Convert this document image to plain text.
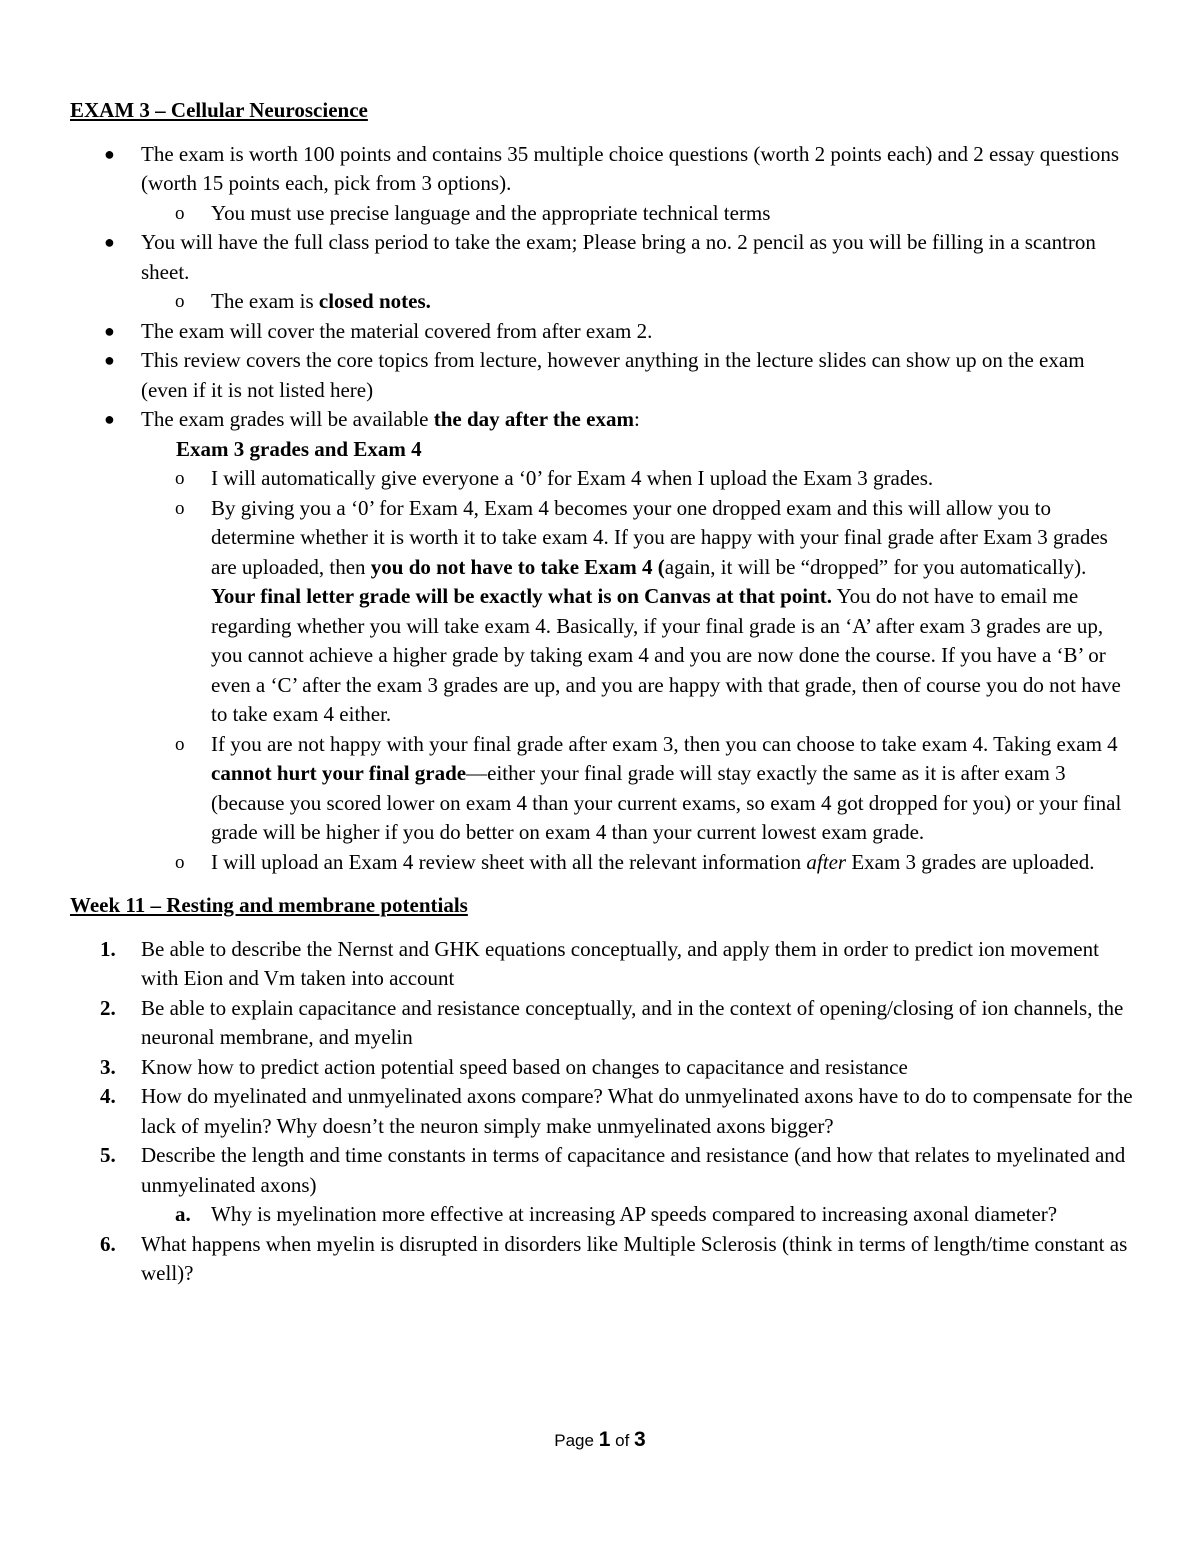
EXAM 3 – Cellular Neuroscience
● The exam is worth 100 points and contains 35 multiple choice questions (worth 2 points each) and 2 essay questions (worth 15 points each, pick from 3 options).
o You must use precise language and the appropriate technical terms
● You will have the full class period to take the exam; Please bring a no. 2 pencil as you will be filling in a scantron sheet.
o The exam is closed notes.
● The exam will cover the material covered from after exam 2.
● This review covers the core topics from lecture, however anything in the lecture slides can show up on the exam (even if it is not listed here)
● The exam grades will be available the day after the exam:
Exam 3 grades and Exam 4
o I will automatically give everyone a ‘0’ for Exam 4 when I upload the Exam 3 grades.
o By giving you a ‘0’ for Exam 4, Exam 4 becomes your one dropped exam and this will allow you to determine whether it is worth it to take exam 4. If you are happy with your final grade after Exam 3 grades are uploaded, then you do not have to take Exam 4 (again, it will be “dropped” for you automatically). Your final letter grade will be exactly what is on Canvas at that point. You do not have to email me regarding whether you will take exam 4. Basically, if your final grade is an ‘A’ after exam 3 grades are up, you cannot achieve a higher grade by taking exam 4 and you are now done the course. If you have a ‘B’ or even a ‘C’ after the exam 3 grades are up, and you are happy with that grade, then of course you do not have to take exam 4 either.
o If you are not happy with your final grade after exam 3, then you can choose to take exam 4. Taking exam 4 cannot hurt your final grade—either your final grade will stay exactly the same as it is after exam 3 (because you scored lower on exam 4 than your current exams, so exam 4 got dropped for you) or your final grade will be higher if you do better on exam 4 than your current lowest exam grade.
o I will upload an Exam 4 review sheet with all the relevant information after Exam 3 grades are uploaded.
Week 11 – Resting and membrane potentials
1. Be able to describe the Nernst and GHK equations conceptually, and apply them in order to predict ion movement with Eion and Vm taken into account
2. Be able to explain capacitance and resistance conceptually, and in the context of opening/closing of ion channels, the neuronal membrane, and myelin
3. Know how to predict action potential speed based on changes to capacitance and resistance
4. How do myelinated and unmyelinated axons compare? What do unmyelinated axons have to do to compensate for the lack of myelin? Why doesn’t the neuron simply make unmyelinated axons bigger?
5. Describe the length and time constants in terms of capacitance and resistance (and how that relates to myelinated and unmyelinated axons)
a. Why is myelination more effective at increasing AP speeds compared to increasing axonal diameter?
6. What happens when myelin is disrupted in disorders like Multiple Sclerosis (think in terms of length/time constant as well)?
Page 1 of 3
